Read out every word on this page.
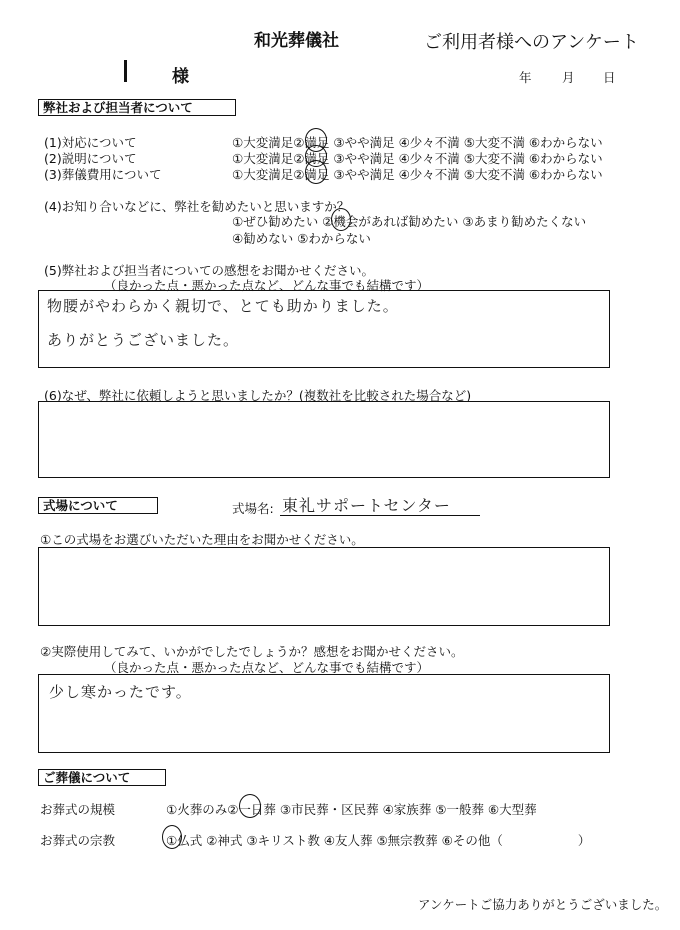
和光葬儀社	ご利用者様へのアンケート
様	年 月 日
弊社および担当者について
(1)対応について	①大変満足②満足 ③やや満足 ④少々不満 ⑤大変不満 ⑥わからない
(2)説明について	①大変満足②満足 ③やや満足 ④少々不満 ⑤大変不満 ⑥わからない
(3)葬儀費用について	①大変満足②満足 ③やや満足 ④少々不満 ⑤大変不満 ⑥わからない
(4)お知り合いなどに、弊社を勧めたいと思いますか？
①ぜひ勧めたい ②機会があれば勧めたい ③あまり勧めたくない
④勧めない ⑤わからない
(5)弊社および担当者についての感想をお聞かせください。
（良かった点・悪かった点など、どんな事でも結構です）
物腰がやわらかく親切で、とても助かりました。
ありがとうございました。
(6)なぜ、弊社に依頼しようと思いましたか？(複数社を比較された場合など)
式場について	式場名: 東礼サポートセンター
①この式場をお選びいただいた理由をお聞かせください。
②実際使用してみて、いかがでしたでしょうか？感想をお聞かせください。
（良かった点・悪かった点など、どんな事でも結構です）
少し寒かったです。
ご葬儀について
お葬式の規模	①火葬のみ②一日葬 ③市民葬・区民葬 ④家族葬 ⑤一般葬 ⑥大型葬
お葬式の宗教	①仏式 ②神式 ③キリスト教 ④友人葬 ⑤無宗教葬 ⑥その他（　　　　　　）
アンケートご協力ありがとうございました。
